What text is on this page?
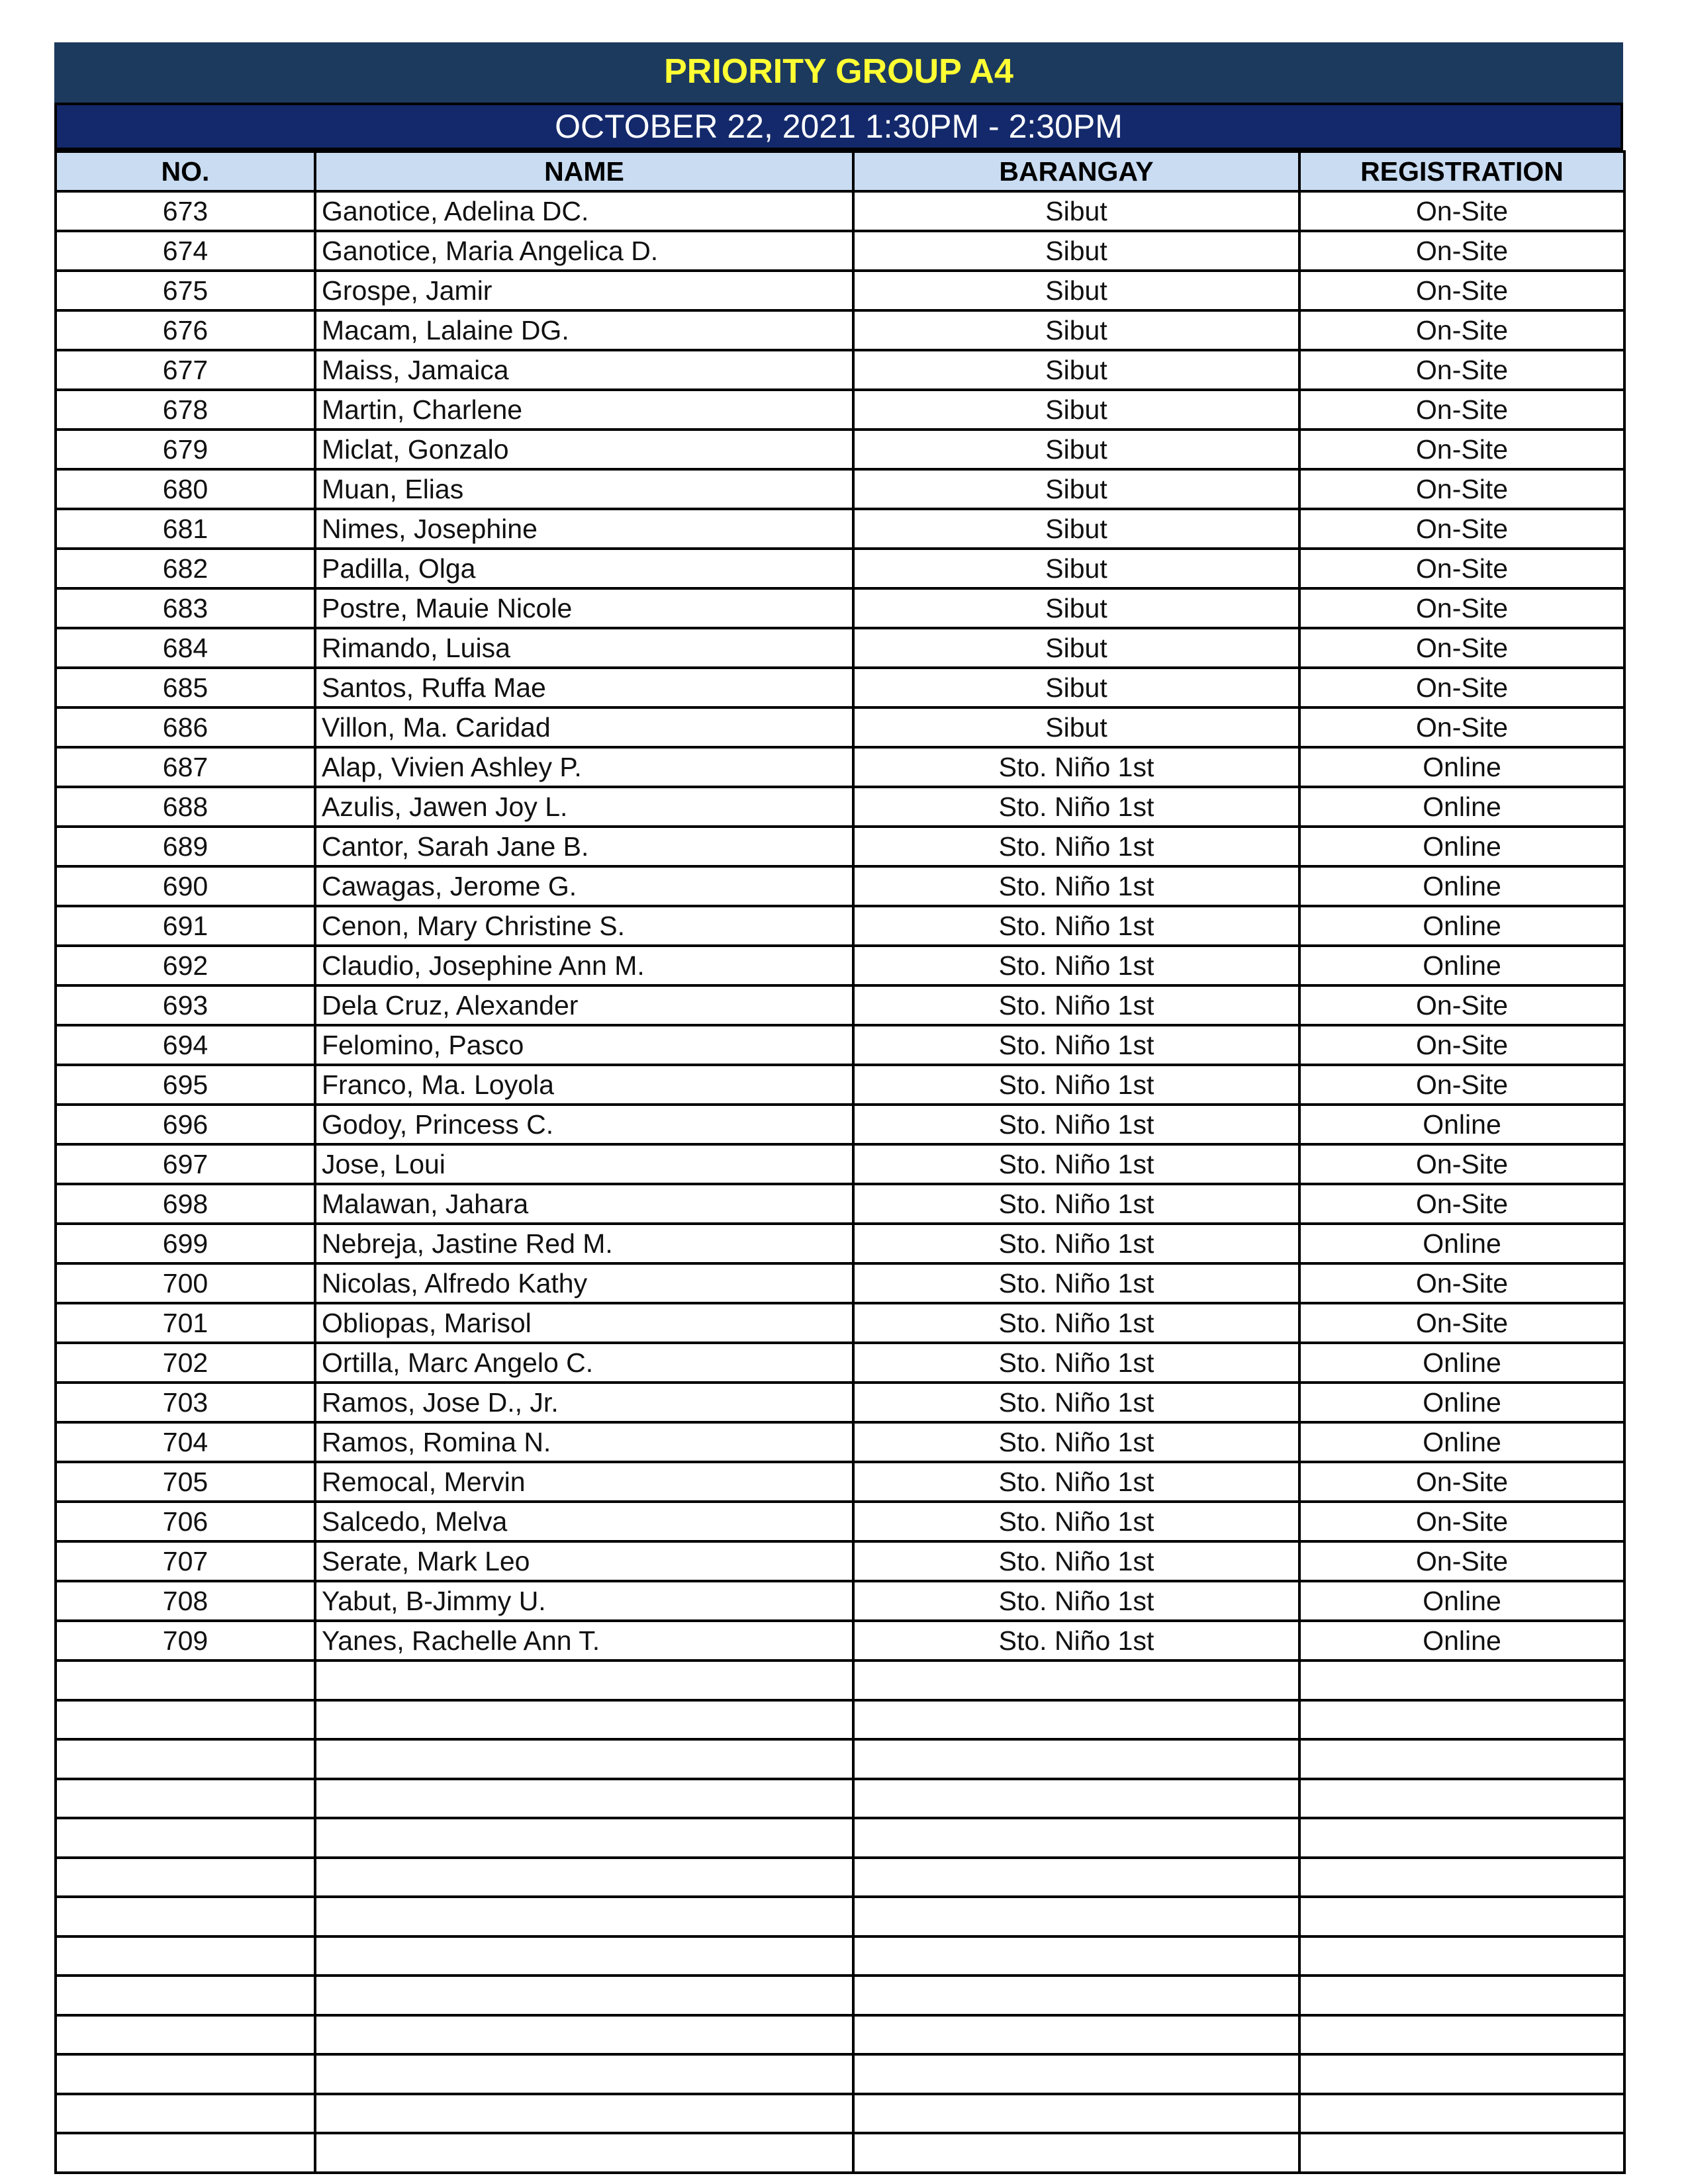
PRIORITY GROUP A4
OCTOBER 22, 2021 1:30PM - 2:30PM
NO.	NAME	BARANGAY	REGISTRATION
673	Ganotice, Adelina DC.	Sibut	On-Site
674	Ganotice, Maria Angelica D.	Sibut	On-Site
675	Grospe, Jamir	Sibut	On-Site
676	Macam, Lalaine DG.	Sibut	On-Site
677	Maiss, Jamaica	Sibut	On-Site
678	Martin, Charlene	Sibut	On-Site
679	Miclat, Gonzalo	Sibut	On-Site
680	Muan, Elias	Sibut	On-Site
681	Nimes, Josephine	Sibut	On-Site
682	Padilla, Olga	Sibut	On-Site
683	Postre, Mauie Nicole	Sibut	On-Site
684	Rimando, Luisa	Sibut	On-Site
685	Santos, Ruffa Mae	Sibut	On-Site
686	Villon, Ma. Caridad	Sibut	On-Site
687	Alap, Vivien Ashley P.	Sto. Niño 1st	Online
688	Azulis, Jawen Joy L.	Sto. Niño 1st	Online
689	Cantor, Sarah Jane B.	Sto. Niño 1st	Online
690	Cawagas, Jerome G.	Sto. Niño 1st	Online
691	Cenon, Mary Christine S.	Sto. Niño 1st	Online
692	Claudio, Josephine Ann M.	Sto. Niño 1st	Online
693	Dela Cruz, Alexander	Sto. Niño 1st	On-Site
694	Felomino, Pasco	Sto. Niño 1st	On-Site
695	Franco, Ma. Loyola	Sto. Niño 1st	On-Site
696	Godoy, Princess C.	Sto. Niño 1st	Online
697	Jose, Loui	Sto. Niño 1st	On-Site
698	Malawan, Jahara	Sto. Niño 1st	On-Site
699	Nebreja, Jastine Red M.	Sto. Niño 1st	Online
700	Nicolas, Alfredo Kathy	Sto. Niño 1st	On-Site
701	Obliopas, Marisol	Sto. Niño 1st	On-Site
702	Ortilla, Marc Angelo C.	Sto. Niño 1st	Online
703	Ramos, Jose D., Jr.	Sto. Niño 1st	Online
704	Ramos, Romina N.	Sto. Niño 1st	Online
705	Remocal, Mervin	Sto. Niño 1st	On-Site
706	Salcedo, Melva	Sto. Niño 1st	On-Site
707	Serate, Mark Leo	Sto. Niño 1st	On-Site
708	Yabut, B-Jimmy U.	Sto. Niño 1st	Online
709	Yanes, Rachelle Ann T.	Sto. Niño 1st	Online
